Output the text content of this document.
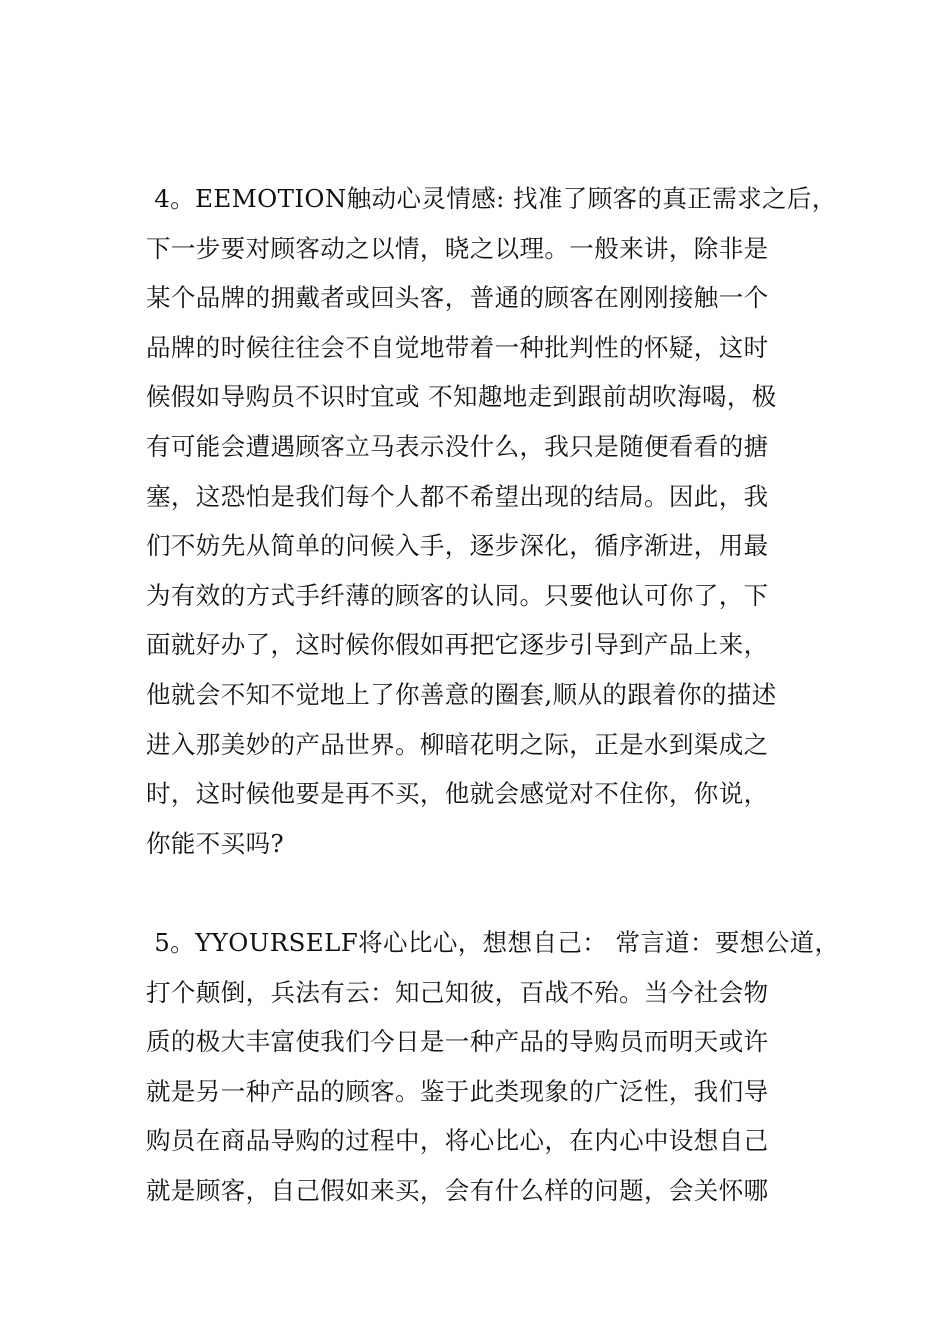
4。EEMOTION触动心灵情感: 找准了顾客的真正需求之后，
下一步要对顾客动之以情，晓之以理。一般来讲，除非是
某个品牌的拥戴者或回头客，普通的顾客在刚刚接触一个
品牌的时候往往会不自觉地带着一种批判性的怀疑，这时
候假如导购员不识时宜或 不知趣地走到跟前胡吹海喝，极
有可能会遭遇顾客立马表示没什么，我只是随便看看的搪
塞，这恐怕是我们每个人都不希望出现的结局。因此，我
们不妨先从简单的问候入手，逐步深化，循序渐进，用最
为有效的方式手纤薄的顾客的认同。只要他认可你了，下
面就好办了，这时候你假如再把它逐步引导到产品上来，
他就会不知不觉地上了你善意的圈套,顺从的跟着你的描述
进入那美妙的产品世界。柳暗花明之际，正是水到渠成之
时，这时候他要是再不买，他就会感觉对不住你，你说，
你能不买吗?
5。YYOURSELF将心比心，想想自己： 常言道：要想公道，
打个颠倒，兵法有云：知己知彼，百战不殆。当今社会物
质的极大丰富使我们今日是一种产品的导购员而明天或许
就是另一种产品的顾客。鉴于此类现象的广泛性，我们导
购员在商品导购的过程中，将心比心，在内心中设想自己
就是顾客，自己假如来买，会有什么样的问题，会关怀哪
